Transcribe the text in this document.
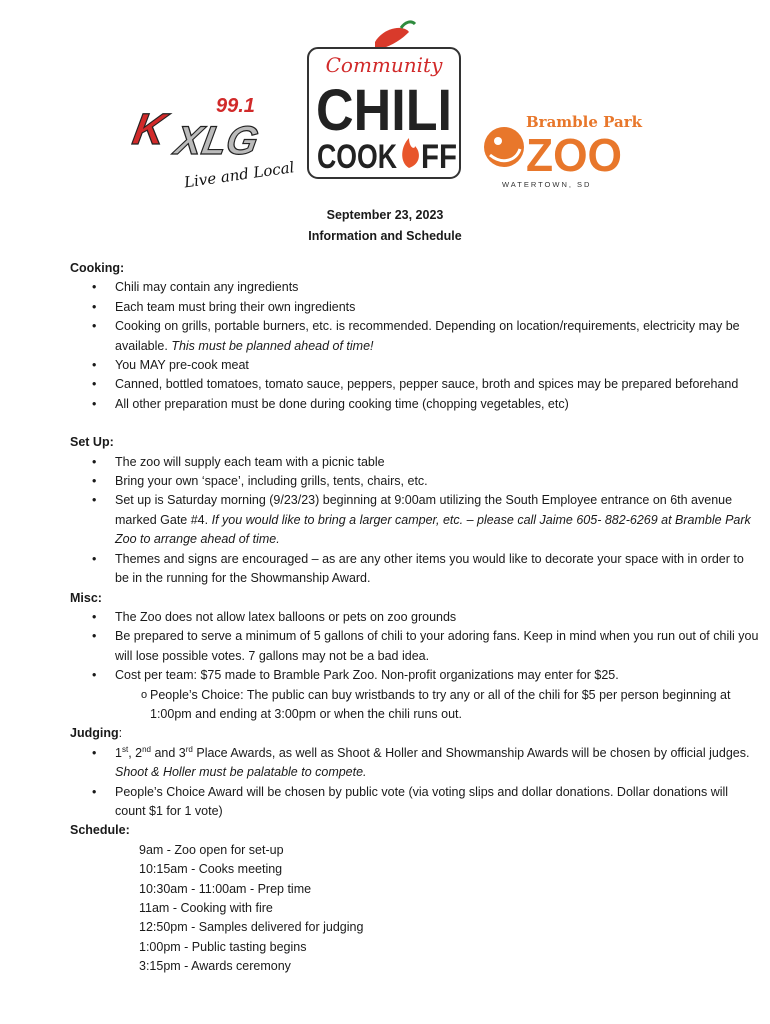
99.1
K XLG
Live and Local
Community
CHILI
COOK FF
Bramble Park
ZOO
WATERTOWN, SD
September 23, 2023
Information and Schedule
Cooking:
• Chili may contain any ingredients
• Each team must bring their own ingredients
• Cooking on grills, portable burners, etc. is recommended. Depending on location/requirements, electricity may be available. This must be planned ahead of time!
• You MAY pre-cook meat
• Canned, bottled tomatoes, tomato sauce, peppers, pepper sauce, broth and spices may be prepared beforehand
• All other preparation must be done during cooking time (chopping vegetables, etc)
Set Up:
• The zoo will supply each team with a picnic table
• Bring your own ‘space’, including grills, tents, chairs, etc.
• Set up is Saturday morning (9/23/23) beginning at 9:00am utilizing the South Employee entrance on 6th avenue marked Gate #4. If you would like to bring a larger camper, etc. – please call Jaime 605- 882-6269 at Bramble Park Zoo to arrange ahead of time.
• Themes and signs are encouraged – as are any other items you would like to decorate your space with in order to be in the running for the Showmanship Award.
Misc:
• The Zoo does not allow latex balloons or pets on zoo grounds
• Be prepared to serve a minimum of 5 gallons of chili to your adoring fans. Keep in mind when you run out of chili you will lose possible votes. 7 gallons may not be a bad idea.
• Cost per team: $75 made to Bramble Park Zoo. Non-profit organizations may enter for $25.
o People’s Choice: The public can buy wristbands to try any or all of the chili for $5 per person beginning at 1:00pm and ending at 3:00pm or when the chili runs out.
Judging:
• 1st, 2nd and 3rd Place Awards, as well as Shoot & Holler and Showmanship Awards will be chosen by official judges. Shoot & Holler must be palatable to compete.
• People’s Choice Award will be chosen by public vote (via voting slips and dollar donations. Dollar donations will count $1 for 1 vote)
Schedule:
9am - Zoo open for set-up
10:15am - Cooks meeting
10:30am - 11:00am - Prep time
11am - Cooking with fire
12:50pm - Samples delivered for judging
1:00pm - Public tasting begins
3:15pm - Awards ceremony
